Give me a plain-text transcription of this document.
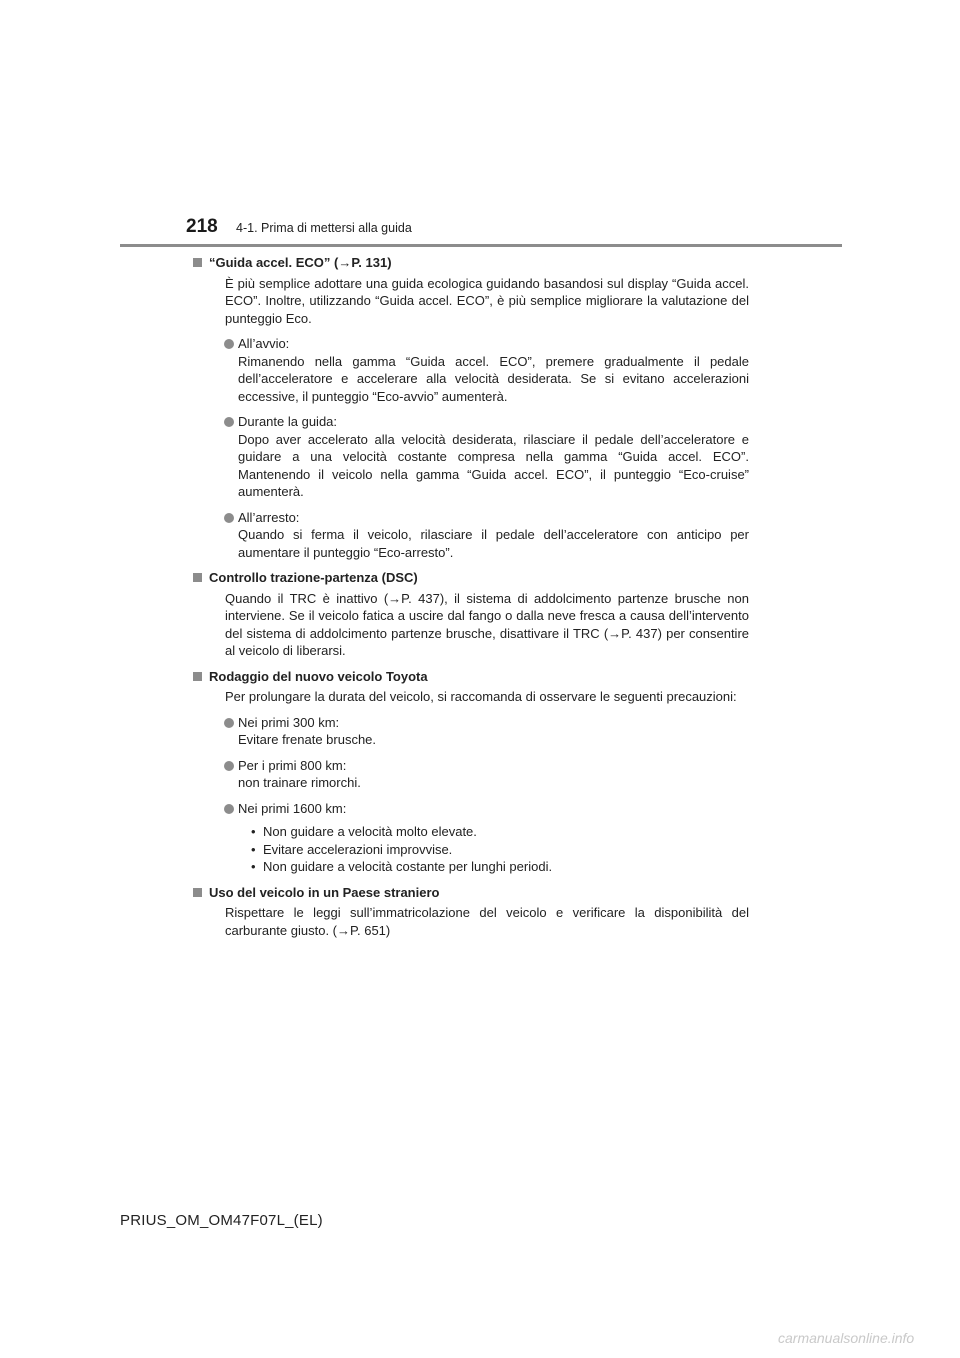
218 4-1. Prima di mettersi alla guida
“Guida accel. ECO” (→P. 131)
È più semplice adottare una guida ecologica guidando basandosi sul display “Guida accel. ECO”. Inoltre, utilizzando “Guida accel. ECO”, è più semplice migliorare la valutazione del punteggio Eco.
All’avvio:
Rimanendo nella gamma “Guida accel. ECO”, premere gradualmente il pedale dell’acceleratore e accelerare alla velocità desiderata. Se si evitano accelerazioni eccessive, il punteggio “Eco-avvio” aumenterà.
Durante la guida:
Dopo aver accelerato alla velocità desiderata, rilasciare il pedale dell’acceleratore e guidare a una velocità costante compresa nella gamma “Guida accel. ECO”. Mantenendo il veicolo nella gamma “Guida accel. ECO”, il punteggio “Eco-cruise” aumenterà.
All’arresto:
Quando si ferma il veicolo, rilasciare il pedale dell’acceleratore con anticipo per aumentare il punteggio “Eco-arresto”.
Controllo trazione-partenza (DSC)
Quando il TRC è inattivo (→P. 437), il sistema di addolcimento partenze brusche non interviene. Se il veicolo fatica a uscire dal fango o dalla neve fresca a causa dell’intervento del sistema di addolcimento partenze brusche, disattivare il TRC (→P. 437) per consentire al veicolo di liberarsi.
Rodaggio del nuovo veicolo Toyota
Per prolungare la durata del veicolo, si raccomanda di osservare le seguenti precauzioni:
Nei primi 300 km:
Evitare frenate brusche.
Per i primi 800 km:
non trainare rimorchi.
Nei primi 1600 km:
• Non guidare a velocità molto elevate.
• Evitare accelerazioni improvvise.
• Non guidare a velocità costante per lunghi periodi.
Uso del veicolo in un Paese straniero
Rispettare le leggi sull’immatricolazione del veicolo e verificare la disponibilità del carburante giusto. (→P. 651)
PRIUS_OM_OM47F07L_(EL)
carmanualsonline.info
